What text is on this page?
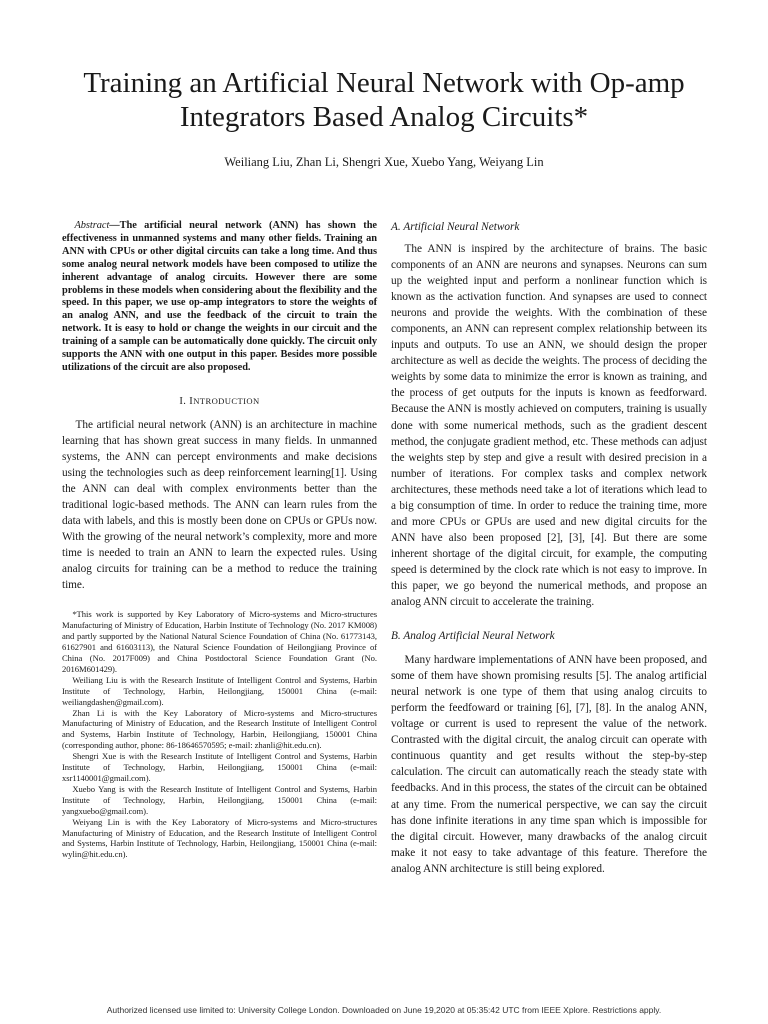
Training an Artificial Neural Network with Op-amp
Integrators Based Analog Circuits*
Weiliang Liu, Zhan Li, Shengri Xue, Xuebo Yang, Weiyang Lin

Abstract—The artificial neural network (ANN) has shown the effectiveness in unmanned systems and many other fields. Training an ANN with CPUs or other digital circuits can take a long time. And thus some analog neural network models have been composed to utilize the inherent advantage of analog circuits. However there are some problems in these models when considering about the flexibility and the speed. In this paper, we use op-amp integrators to store the weights of an analog ANN, and use the feedback of the circuit to train the network. It is easy to hold or change the weights in our circuit and the training of a sample can be automatically done quickly. The circuit only supports the ANN with one output in this paper. Besides more possible utilizations of the circuit are also proposed.

I. INTRODUCTION

The artificial neural network (ANN) is an architecture in machine learning that has shown great success in many fields. In unmanned systems, the ANN can percept environments and make decisions using the technologies such as deep reinforcement learning[1]. Using the ANN can deal with complex environments better than the traditional logic-based methods. The ANN can learn rules from the data with labels, and this is mostly been done on CPUs or GPUs now. With the growing of the neural network’s complexity, more and more time is needed to train an ANN to learn the expected rules. Using analog circuits for training can be a method to reduce the training time.

*This work is supported by Key Laboratory of Micro-systems and Micro-structures Manufacturing of Ministry of Education, Harbin Institute of Technology (No. 2017 KM008) and partly supported by the National Natural Science Foundation of China (No. 61773143, 61627901 and 61603113), the Natural Science Foundation of Heilongjiang Province of China (No. 2017F009) and China Postdoctoral Science Foundation Grant (No. 2016M601429).

Weiliang Liu is with the Research Institute of Intelligent Control and Systems, Harbin Institute of Technology, Harbin, Heilongjiang, 150001 China (e-mail: weiliangdashen@gmail.com).

Zhan Li is with the Key Laboratory of Micro-systems and Micro-structures Manufacturing of Ministry of Education, and the Research Institute of Intelligent Control and Systems, Harbin Institute of Technology, Harbin, Heilongjiang, 150001 China (corresponding author, phone: 86-18646570595; e-mail: zhanli@hit.edu.cn).

Shengri Xue is with the Research Institute of Intelligent Control and Systems, Harbin Institute of Technology, Harbin, Heilongjiang, 150001 China (e-mail: xsr1140001@gmail.com).

Xuebo Yang is with the Research Institute of Intelligent Control and Systems, Harbin Institute of Technology, Harbin, Heilongjiang, 150001 China (e-mail: yangxuebo@gmail.com).

Weiyang Lin is with the Key Laboratory of Micro-systems and Micro-structures Manufacturing of Ministry of Education, and the Research Institute of Intelligent Control and Systems, Harbin Institute of Technology, Harbin, Heilongjiang, 150001 China (e-mail: wylin@hit.edu.cn).

A. Artificial Neural Network

The ANN is inspired by the architecture of brains. The basic components of an ANN are neurons and synapses. Neurons can sum up the weighted input and perform a nonlinear function which is known as the activation function. And synapses are used to connect neurons and provide the weights. With the combination of these components, an ANN can represent complex relationship between its inputs and outputs. To use an ANN, we should design the proper architecture as well as decide the weights. The process of deciding the weights by some data to minimize the error is known as training, and the process of get outputs for the inputs is known as feedforward. Because the ANN is mostly achieved on computers, training is usually done with some numerical methods, such as the gradient descent method, the conjugate gradient method, etc. These methods can adjust the weights step by step and give a result with desired precision in a number of iterations. For complex tasks and complex network architectures, these methods need take a lot of iterations which lead to a big consumption of time. In order to reduce the training time, more and more CPUs or GPUs are used and new digital circuits for the ANN have also been proposed [2], [3], [4]. But there are some inherent shortage of the digital circuit, for example, the computing speed is determined by the clock rate which is not easy to improve. In this paper, we go beyond the numerical methods, and propose an analog ANN circuit to accelerate the training.

B. Analog Artificial Neural Network

Many hardware implementations of ANN have been proposed, and some of them have shown promising results [5]. The analog artificial neural network is one type of them that using analog circuits to perform the feedfoward or training [6], [7], [8]. In the analog ANN, voltage or current is used to represent the value of the network. Contrasted with the digital circuit, the analog circuit can operate with continuous quantity and get results without the step-by-step calculation. The circuit can automatically reach the steady state with feedbacks. And in this process, the states of the circuit can be obtained at any time. From the numerical perspective, we can say the circuit has done infinite iterations in any time span which is impossible for the digital circuit. However, many drawbacks of the analog circuit make it not easy to take advantage of this feature. Therefore the analog ANN architecture is still being explored.

Authorized licensed use limited to: University College London. Downloaded on June 19,2020 at 05:35:42 UTC from IEEE Xplore. Restrictions apply.
